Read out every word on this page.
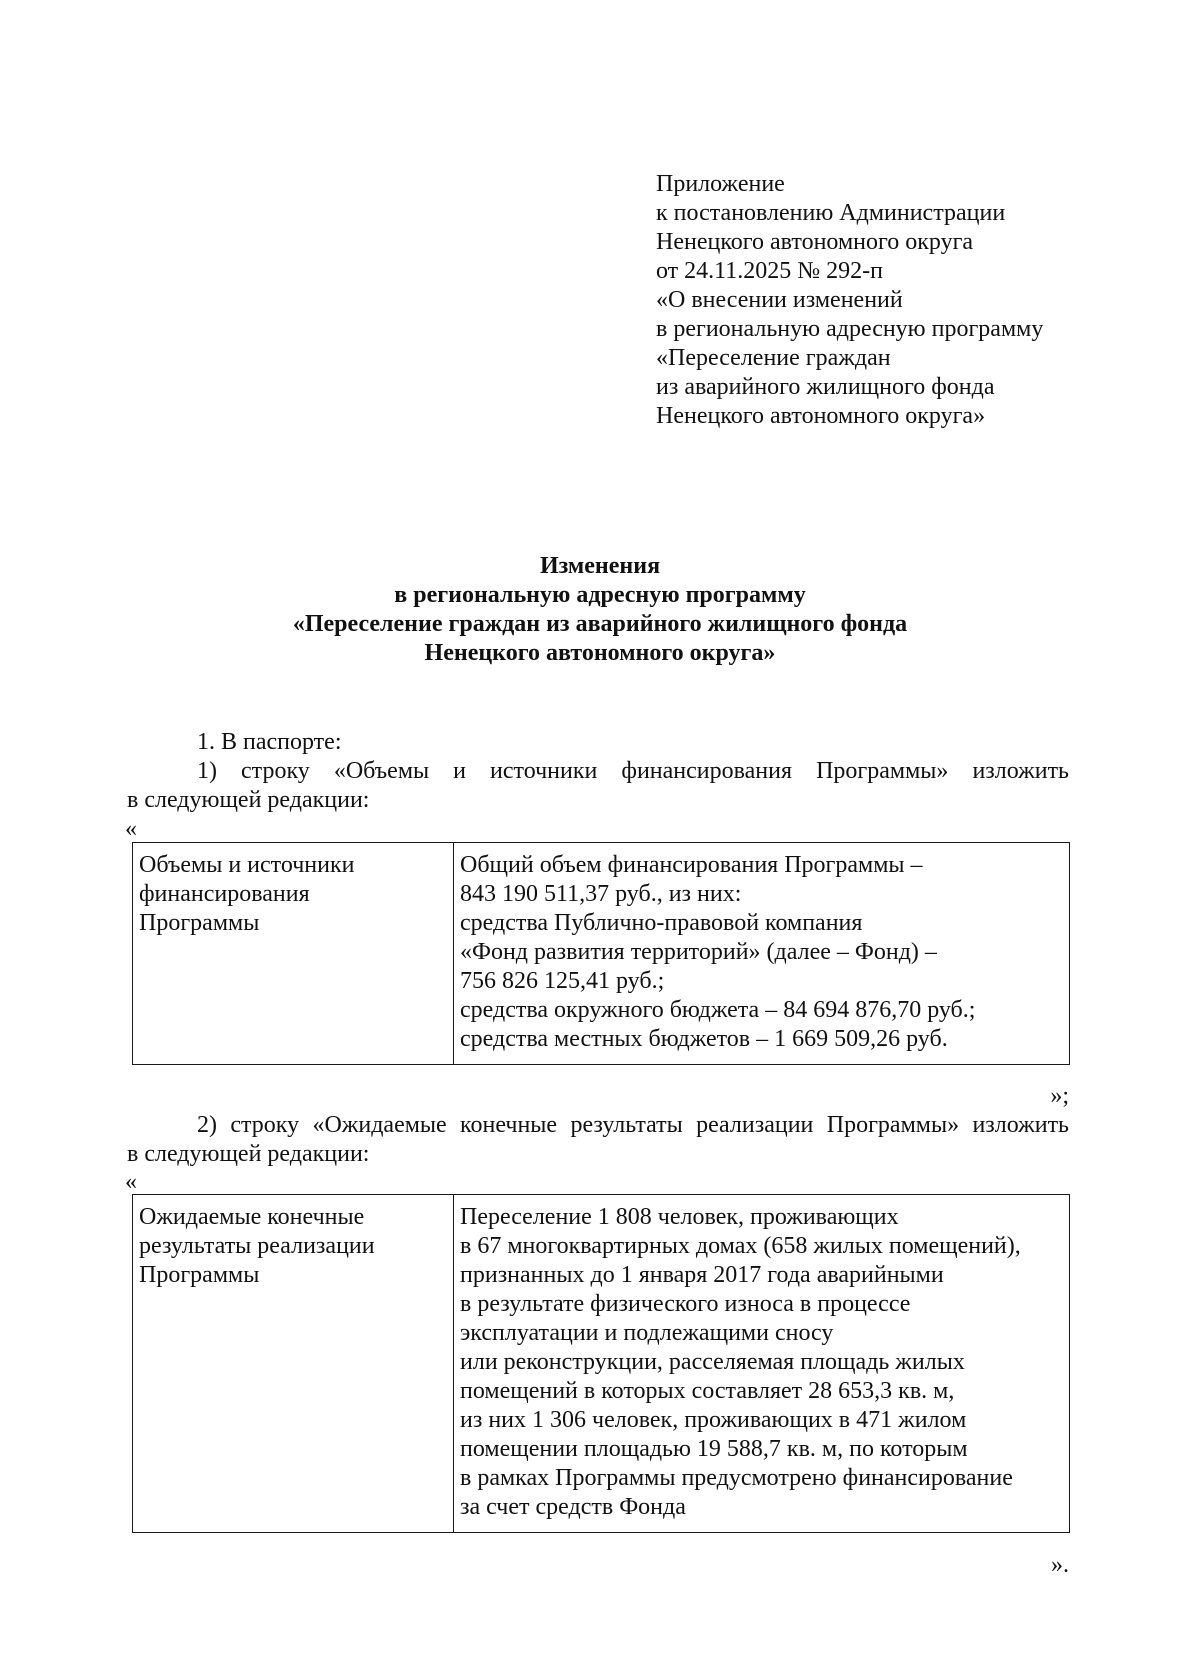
Приложение
к постановлению Администрации
Ненецкого автономного округа
от 24.11.2025 № 292-п
«О внесении изменений
в региональную адресную программу
«Переселение граждан
из аварийного жилищного фонда
Ненецкого автономного округа»
Изменения
в региональную адресную программу
«Переселение граждан из аварийного жилищного фонда
Ненецкого автономного округа»
1. В паспорте:
1) строку «Объемы и источники финансирования Программы» изложить
в следующей редакции:
«
Объемы и источники
финансирования
Программы

Общий объем финансирования Программы –
843 190 511,37 руб., из них:
средства Публично-правовой компания
«Фонд развития территорий» (далее – Фонд) –
756 826 125,41 руб.;
средства окружного бюджета – 84 694 876,70 руб.;
средства местных бюджетов – 1 669 509,26 руб.
»;
2) строку «Ожидаемые конечные результаты реализации Программы» изложить
в следующей редакции:
«
Ожидаемые конечные
результаты реализации
Программы

Переселение 1 808 человек, проживающих
в 67 многоквартирных домах (658 жилых помещений),
признанных до 1 января 2017 года аварийными
в результате физического износа в процессе
эксплуатации и подлежащими сносу
или реконструкции, расселяемая площадь жилых
помещений в которых составляет 28 653,3 кв. м,
из них 1 306 человек, проживающих в 471 жилом
помещении площадью 19 588,7 кв. м, по которым
в рамках Программы предусмотрено финансирование
за счет средств Фонда
».
